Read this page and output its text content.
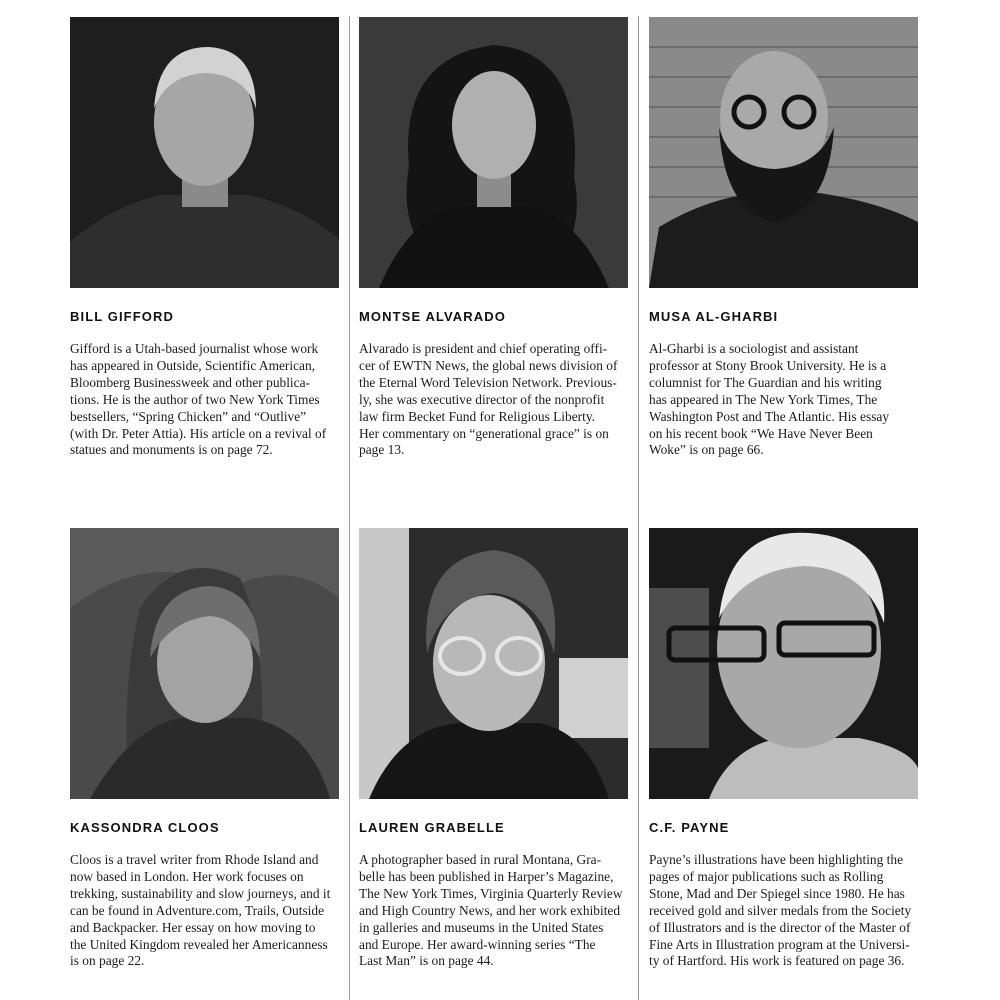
BILL GIFFORD
Gifford is a Utah-based journalist whose work
has appeared in Outside, Scientific American,
Bloomberg Businessweek and other publica-
tions. He is the author of two New York Times
bestsellers, “Spring Chicken” and “Outlive”
(with Dr. Peter Attia). His article on a revival of
statues and monuments is on page 72.
MONTSE ALVARADO
Alvarado is president and chief operating offi-
cer of EWTN News, the global news division of
the Eternal Word Television Network. Previous-
ly, she was executive director of the nonprofit
law firm Becket Fund for Religious Liberty.
Her commentary on “generational grace” is on
page 13.
MUSA AL-GHARBI
Al-Gharbi is a sociologist and assistant
professor at Stony Brook University. He is a
columnist for The Guardian and his writing
has appeared in The New York Times, The
Washington Post and The Atlantic. His essay
on his recent book “We Have Never Been
Woke” is on page 66.
KASSONDRA CLOOS
Cloos is a travel writer from Rhode Island and
now based in London. Her work focuses on
trekking, sustainability and slow journeys, and it
can be found in Adventure.com, Trails, Outside
and Backpacker. Her essay on how moving to
the United Kingdom revealed her Americanness
is on page 22.
LAUREN GRABELLE
A photographer based in rural Montana, Gra-
belle has been published in Harper’s Magazine,
The New York Times, Virginia Quarterly Review
and High Country News, and her work exhibited
in galleries and museums in the United States
and Europe. Her award-winning series “The
Last Man” is on page 44.
C.F. PAYNE
Payne’s illustrations have been highlighting the
pages of major publications such as Rolling
Stone, Mad and Der Spiegel since 1980. He has
received gold and silver medals from the Society
of Illustrators and is the director of the Master of
Fine Arts in Illustration program at the Universi-
ty of Hartford. His work is featured on page 36.
